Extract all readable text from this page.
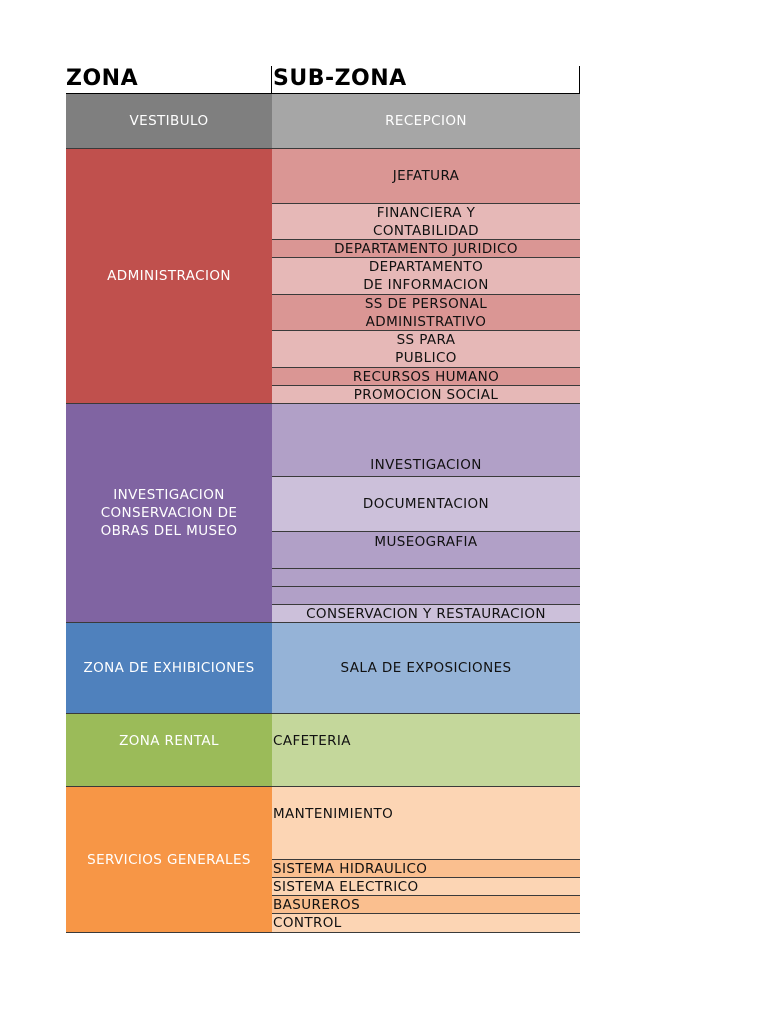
ZONA	SUB-ZONA
VESTIBULO
ADMINISTRACION
INVESTIGACION
CONSERVACION DE
OBRAS DEL MUSEO
ZONA DE EXHIBICIONES
ZONA RENTAL
SERVICIOS GENERALES
RECEPCION
JEFATURA
FINANCIERA Y
CONTABILIDAD
DEPARTAMENTO JURIDICO
DEPARTAMENTO
DE INFORMACION
SS DE PERSONAL
ADMINISTRATIVO
SS PARA
PUBLICO
RECURSOS HUMANO
PROMOCION SOCIAL
INVESTIGACION
DOCUMENTACION
MUSEOGRAFIA
CONSERVACION Y RESTAURACION
SALA DE EXPOSICIONES
CAFETERIA
MANTENIMIENTO
SISTEMA HIDRAULICO
SISTEMA ELECTRICO
BASUREROS
CONTROL
